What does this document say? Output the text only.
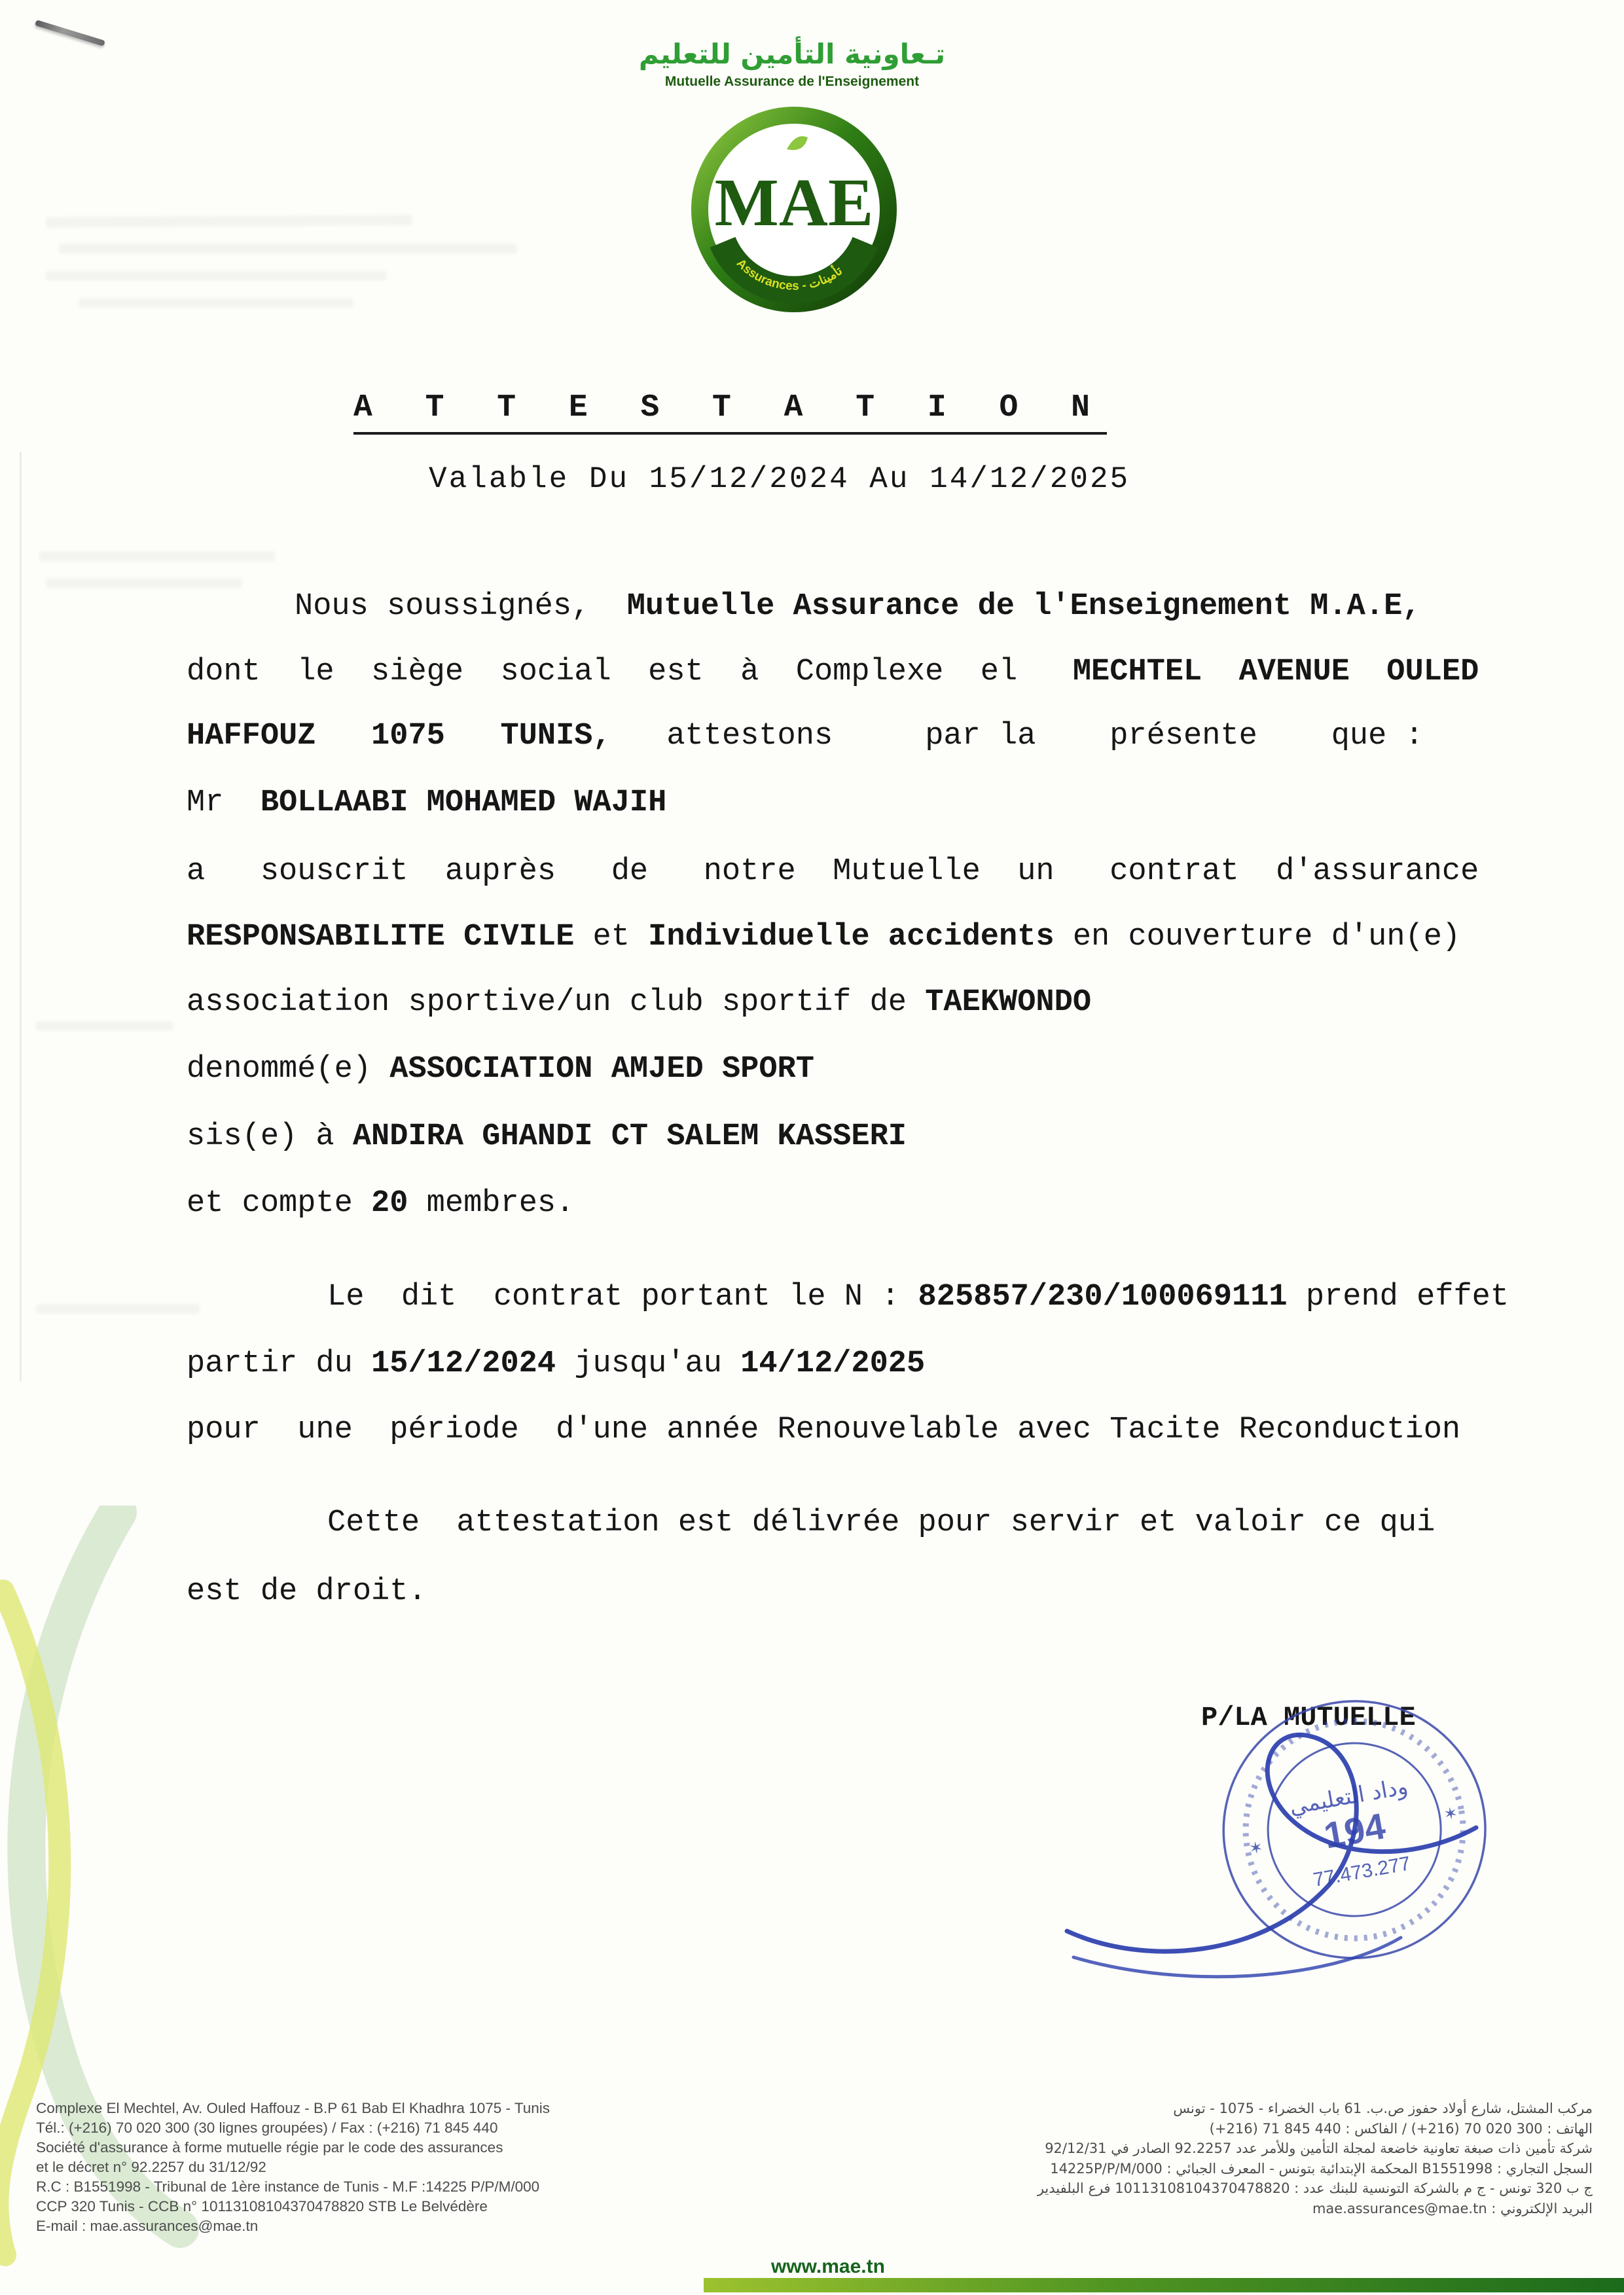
تـعاونية التأمين للتعليم
Mutuelle Assurance de l'Enseignement
MAE
Assurances - تأمينات
A T T E S T A T I O N
Valable Du 15/12/2024 Au 14/12/2025
Nous soussignés,  Mutuelle Assurance de l'Enseignement M.A.E,
dont  le  siège  social  est  à  Complexe  el   MECHTEL  AVENUE  OULED
HAFFOUZ   1075   TUNIS,   attestons     par la    présente    que :
Mr  BOLLAABI MOHAMED WAJIH
a   souscrit  auprès   de   notre  Mutuelle  un   contrat  d'assurance
RESPONSABILITE CIVILE et Individuelle accidents en couverture d'un(e)
association sportive/un club sportif de TAEKWONDO
denommé(e) ASSOCIATION AMJED SPORT
sis(e) à ANDIRA GHANDI CT SALEM KASSERI
et compte 20 membres.
Le  dit  contrat portant le N : 825857/230/100069111 prend effet
partir du 15/12/2024 jusqu'au 14/12/2025
pour  une  période  d'une année Renouvelable avec Tacite Reconduction
Cette  attestation est délivrée pour servir et valoir ce qui
est de droit.
P/LA MUTUELLE
✶
✶
وداد التعليمي
194
77.473.277
Complexe El Mechtel, Av. Ouled Haffouz - B.P 61 Bab El Khadhra 1075 - Tunis
Tél.: (+216) 70 020 300 (30 lignes groupées) / Fax : (+216) 71 845 440
Société d'assurance à forme mutuelle régie par le code des assurances
et le décret n° 92.2257 du 31/12/92
R.C : B1551998 - Tribunal de 1ère instance de Tunis - M.F :14225 P/P/M/000
CCP 320 Tunis - CCB n° 10113108104370478820 STB Le Belvédère
E-mail : mae.assurances@mae.tn
مركب المشتل، شارع أولاد حفوز ص.ب. 61 باب الخضراء - 1075 - تونس
الهاتف : 300 020 70 (216+) / الفاكس : 440 845 71 (216+)
شركة تأمين ذات صبغة تعاونية خاضعة لمجلة التأمين وللأمر عدد 92.2257 الصادر في 92/12/31
السجل التجاري : B1551998 المحكمة الإبتدائية بتونس - المعرف الجبائي : 14225P/P/M/000
ج ب 320 تونس - ج م بالشركة التونسية للبنك عدد : 10113108104370478820 فرع البلفيدير
البريد الإلكتروني : mae.assurances@mae.tn
www.mae.tn
